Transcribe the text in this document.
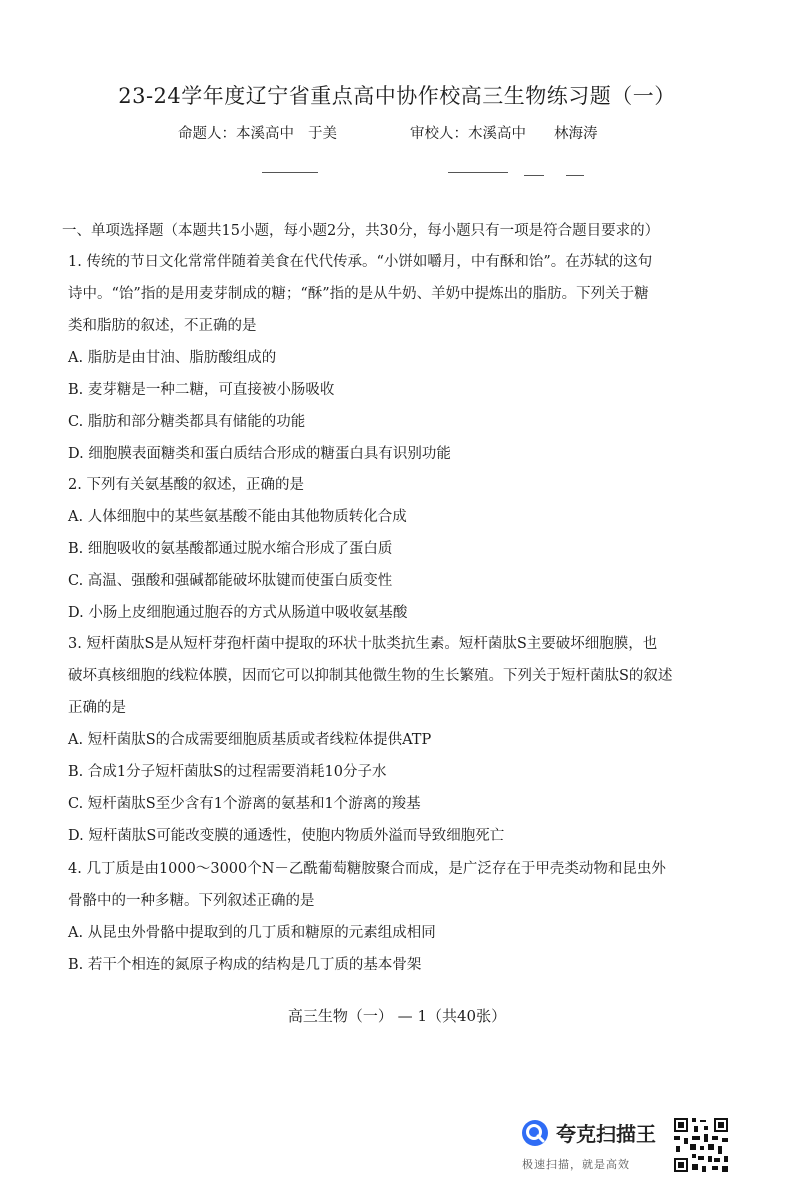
23-24学年度辽宁省重点高中协作校高三生物练习题（一）
命题人：本溪高中 于美	审校人：木溪高中 林海涛
一、单项选择题（本题共15小题，每小题2分，共30分，每小题只有一项是符合题目要求的）
1. 传统的节日文化常常伴随着美食在代代传承。“小饼如嚼月，中有酥和饴”。在苏轼的这句
诗中。“饴”指的是用麦芽制成的糖；“酥”指的是从牛奶、羊奶中提炼出的脂肪。下列关于糖
类和脂肪的叙述，不正确的是
A. 脂肪是由甘油、脂肪酸组成的
B. 麦芽糖是一种二糖，可直接被小肠吸收
C. 脂肪和部分糖类都具有储能的功能
D. 细胞膜表面糖类和蛋白质结合形成的糖蛋白具有识别功能
2. 下列有关氨基酸的叙述，正确的是
A. 人体细胞中的某些氨基酸不能由其他物质转化合成
B. 细胞吸收的氨基酸都通过脱水缩合形成了蛋白质
C. 高温、强酸和强碱都能破坏肽键而使蛋白质变性
D. 小肠上皮细胞通过胞吞的方式从肠道中吸收氨基酸
3. 短杆菌肽S是从短杆芽孢杆菌中提取的环状十肽类抗生素。短杆菌肽S主要破坏细胞膜，也
破坏真核细胞的线粒体膜，因而它可以抑制其他微生物的生长繁殖。下列关于短杆菌肽S的叙述
正确的是
A. 短杆菌肽S的合成需要细胞质基质或者线粒体提供ATP
B. 合成1分子短杆菌肽S的过程需要消耗10分子水
C. 短杆菌肽S至少含有1个游离的氨基和1个游离的羧基
D. 短杆菌肽S可能改变膜的通透性，使胞内物质外溢而导致细胞死亡
4. 几丁质是由1000～3000个N－乙酰葡萄糖胺聚合而成，是广泛存在于甲壳类动物和昆虫外
骨骼中的一种多糖。下列叙述正确的是
A. 从昆虫外骨骼中提取到的几丁质和糖原的元素组成相同
B. 若干个相连的氮原子构成的结构是几丁质的基本骨架
高三生物（一） — 1（共40张）
夸克扫描王
极速扫描，就是高效
